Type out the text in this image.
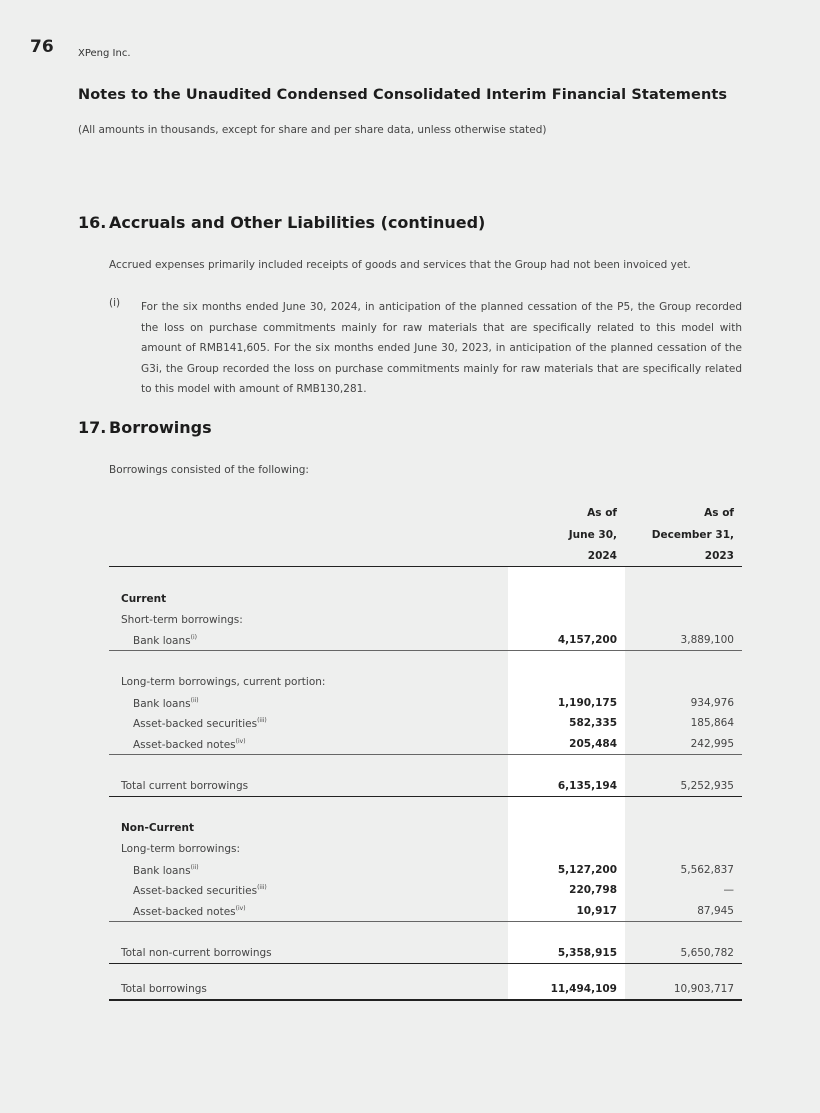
76 XPeng Inc.
Notes to the Unaudited Condensed Consolidated Interim Financial Statements
(All amounts in thousands, except for share and per share data, unless otherwise stated)
16. Accruals and Other Liabilities (continued)
Accrued expenses primarily included receipts of goods and services that the Group had not been invoiced yet.
(i) For the six months ended June 30, 2024, in anticipation of the planned cessation of the P5, the Group recorded the loss on purchase commitments mainly for raw materials that are specifically related to this model with amount of RMB141,605. For the six months ended June 30, 2023, in anticipation of the planned cessation of the G3i, the Group recorded the loss on purchase commitments mainly for raw materials that are specifically related to this model with amount of RMB130,281.
17. Borrowings
Borrowings consisted of the following:
As of
June 30,
2024
As of
December 31,
2023
Current
Short-term borrowings:
Bank loans$^{(i)}$	4,157,200	3,889,100
Long-term borrowings, current portion:
Bank loans$^{(ii)}$	1,190,175	934,976
Asset-backed securities$^{(iii)}$	582,335	185,864
Asset-backed notes$^{(iv)}$	205,484	242,995
Total current borrowings	6,135,194	5,252,935
Non-Current
Long-term borrowings:
Bank loans$^{(ii)}$	5,127,200	5,562,837
Asset-backed securities$^{(iii)}$	220,798	—
Asset-backed notes$^{(iv)}$	10,917	87,945
Total non-current borrowings	5,358,915	5,650,782
Total borrowings	11,494,109	10,903,717
